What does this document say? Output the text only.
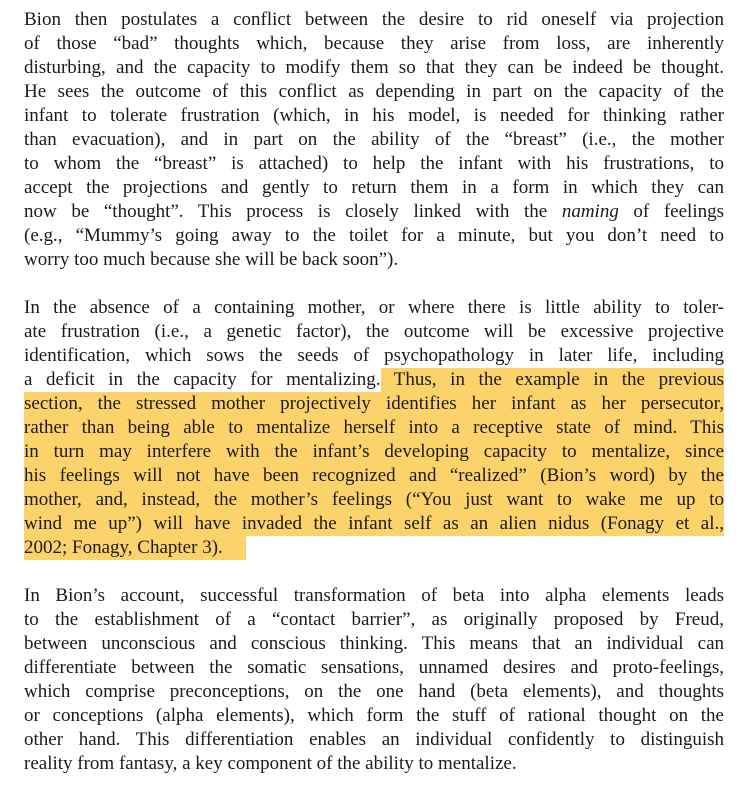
Bion then postulates a conflict between the desire to rid oneself via projection
of those “bad” thoughts which, because they arise from loss, are inherently
disturbing, and the capacity to modify them so that they can be indeed be thought.
He sees the outcome of this conflict as depending in part on the capacity of the
infant to tolerate frustration (which, in his model, is needed for thinking rather
than evacuation), and in part on the ability of the “breast” (i.e., the mother
to whom the “breast” is attached) to help the infant with his frustrations, to
accept the projections and gently to return them in a form in which they can
now be “thought”. This process is closely linked with the naming of feelings
(e.g., “Mummy’s going away to the toilet for a minute, but you don’t need to
worry too much because she will be back soon”).
In the absence of a containing mother, or where there is little ability to toler-
ate frustration (i.e., a genetic factor), the outcome will be excessive projective
identification, which sows the seeds of psychopathology in later life, including
a deficit in the capacity for mentalizing. Thus, in the example in the previous
section, the stressed mother projectively identifies her infant as her persecutor,
rather than being able to mentalize herself into a receptive state of mind. This
in turn may interfere with the infant’s developing capacity to mentalize, since
his feelings will not have been recognized and “realized” (Bion’s word) by the
mother, and, instead, the mother’s feelings (“You just want to wake me up to
wind me up”) will have invaded the infant self as an alien nidus (Fonagy et al.,
2002; Fonagy, Chapter 3).
In Bion’s account, successful transformation of beta into alpha elements leads
to the establishment of a “contact barrier”, as originally proposed by Freud,
between unconscious and conscious thinking. This means that an individual can
differentiate between the somatic sensations, unnamed desires and proto-feelings,
which comprise preconceptions, on the one hand (beta elements), and thoughts
or conceptions (alpha elements), which form the stuff of rational thought on the
other hand. This differentiation enables an individual confidently to distinguish
reality from fantasy, a key component of the ability to mentalize.
